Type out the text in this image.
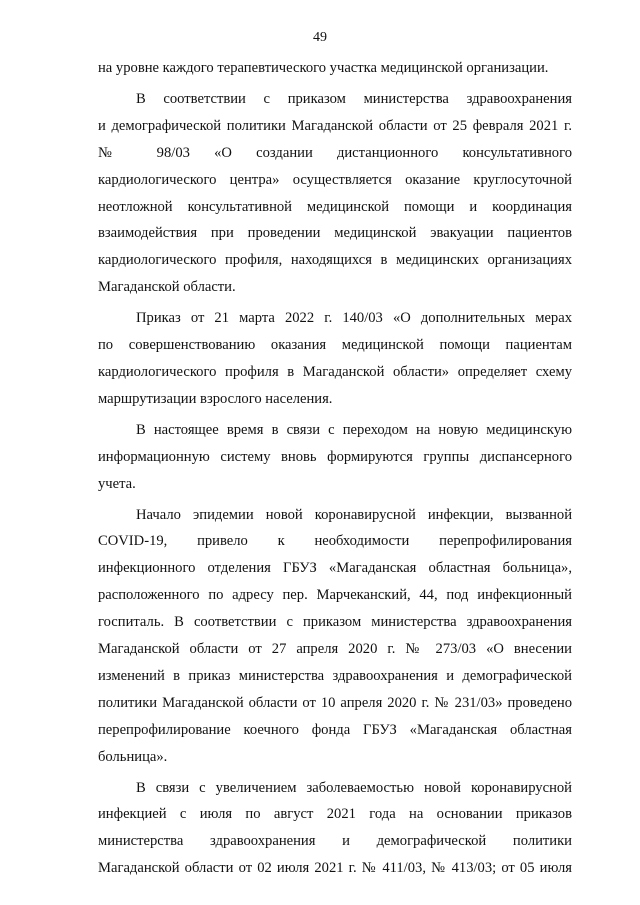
49
на уровне каждого терапевтического участка медицинской организации.
В соответствии с приказом министерства здравоохранения
и демографической политики Магаданской области от 25 февраля 2021 г.
№ 98/03 «О создании дистанционного консультативного
кардиологического центра» осуществляется оказание круглосуточной
неотложной консультативной медицинской помощи и координация
взаимодействия при проведении медицинской эвакуации пациентов
кардиологического профиля, находящихся в медицинских организациях
Магаданской области.
Приказ от 21 марта 2022 г. 140/03 «О дополнительных мерах
по совершенствованию оказания медицинской помощи пациентам
кардиологического профиля в Магаданской области» определяет схему
маршрутизации взрослого населения.
В настоящее время в связи с переходом на новую медицинскую
информационную систему вновь формируются группы диспансерного
учета.
Начало эпидемии новой коронавирусной инфекции, вызванной
COVID-19, привело к необходимости перепрофилирования
инфекционного отделения ГБУЗ «Магаданская областная больница»,
расположенного по адресу пер. Марчеканский, 44, под инфекционный
госпиталь. В соответствии с приказом министерства здравоохранения
Магаданской области от 27 апреля 2020 г. № 273/03 «О внесении
изменений в приказ министерства здравоохранения и демографической
политики Магаданской области от 10 апреля 2020 г. № 231/03» проведено
перепрофилирование коечного фонда ГБУЗ «Магаданская областная
больница».
В связи с увеличением заболеваемостью новой коронавирусной
инфекцией с июля по август 2021 года на основании приказов
министерства здравоохранения и демографической политики
Магаданской области от 02 июля 2021 г. № 411/03, № 413/03; от 05 июля
